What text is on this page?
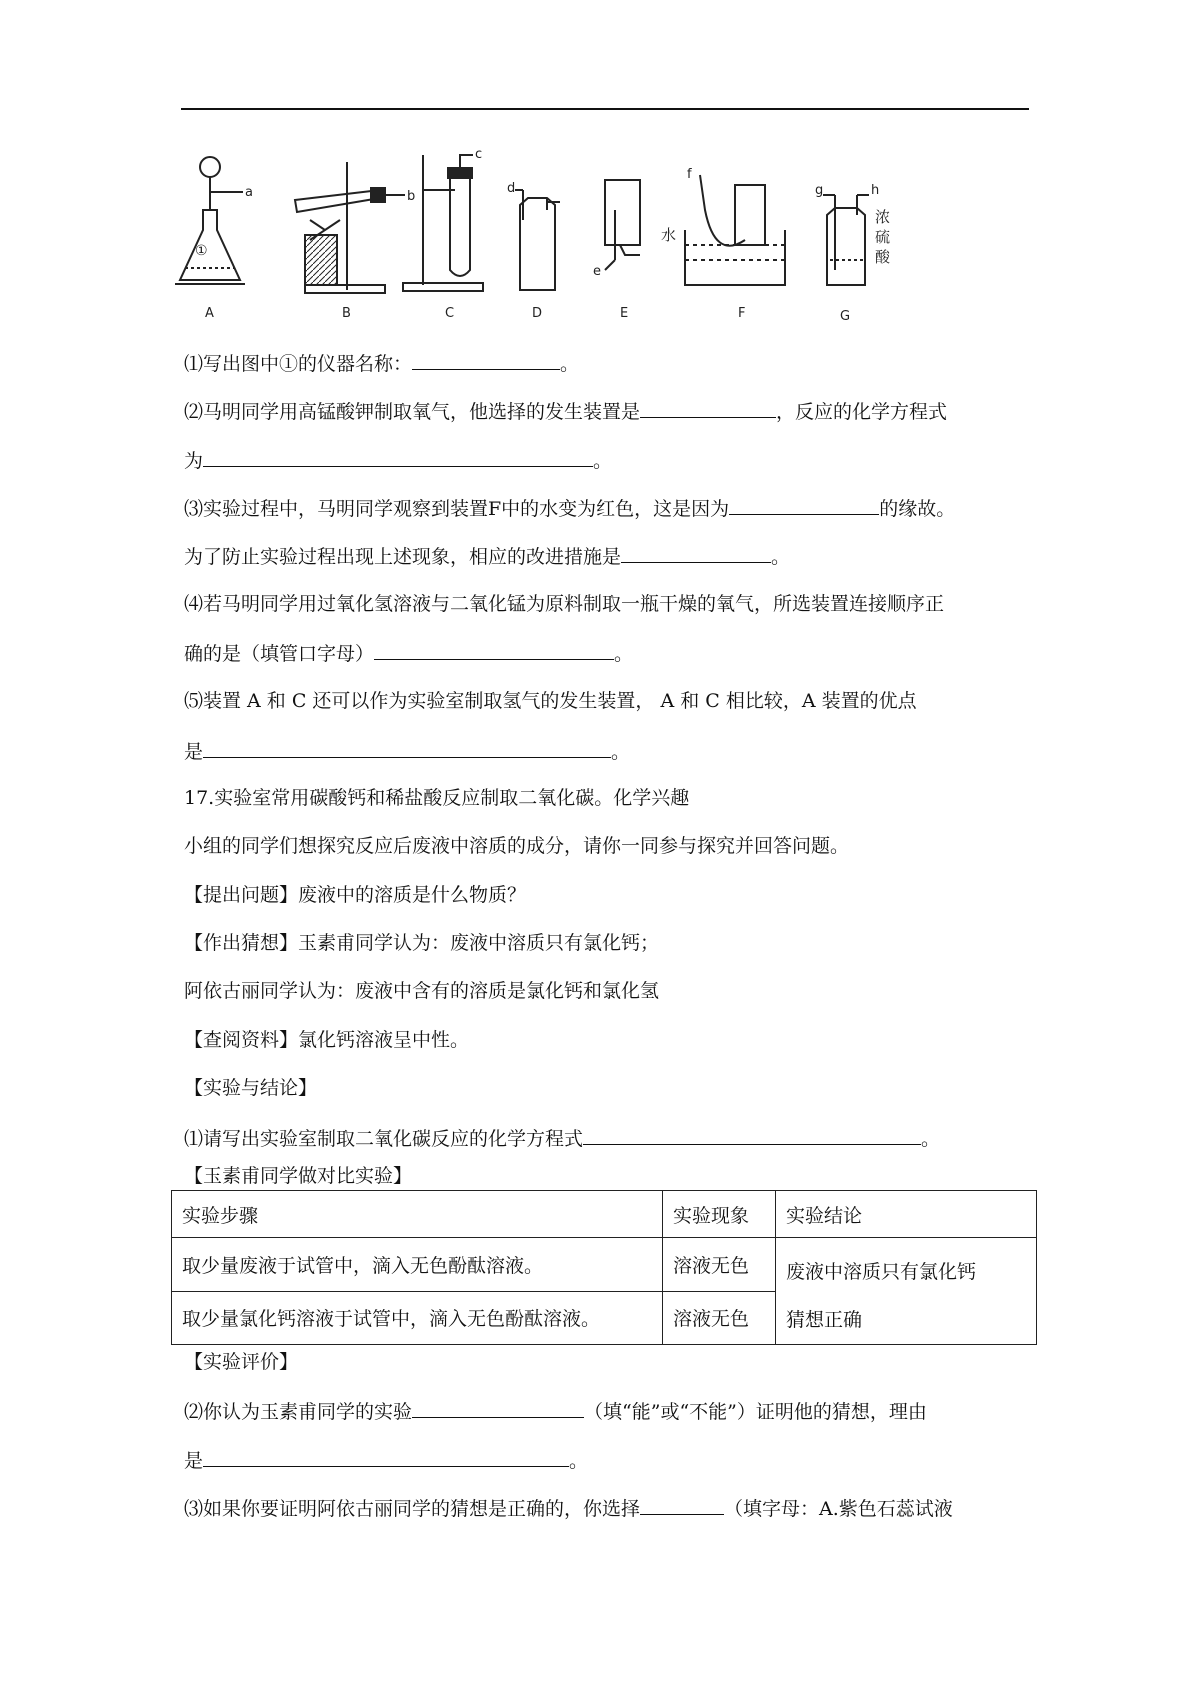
①
a	b
c
d
e
f
水
g	h
浓
硫
酸
A	B	C	D	E	F	G
⑴写出图中①的仪器名称：	。
⑵马明同学用高锰酸钾制取氧气，他选择的发生装置是	，反应的化学方程式
为	。
⑶实验过程中，马明同学观察到装置F中的水变为红色，这是因为	的缘故。
为了防止实验过程出现上述现象，相应的改进措施是	。
⑷若马明同学用过氧化氢溶液与二氧化锰为原料制取一瓶干燥的氧气，所选装置连接顺序正
确的是（填管口字母）	。
⑸装置 A 和 C 还可以作为实验室制取氢气的发生装置， A 和 C 相比较，A 装置的优点
是	。
17.实验室常用碳酸钙和稀盐酸反应制取二氧化碳。化学兴趣
小组的同学们想探究反应后废液中溶质的成分，请你一同参与探究并回答问题。
【提出问题】废液中的溶质是什么物质？
【作出猜想】玉素甫同学认为：废液中溶质只有氯化钙；
阿依古丽同学认为：废液中含有的溶质是氯化钙和氯化氢
【查阅资料】氯化钙溶液呈中性。
【实验与结论】
⑴请写出实验室制取二氧化碳反应的化学方程式	。
【玉素甫同学做对比实验】
实验步骤	实验现象	实验结论
取少量废液于试管中，滴入无色酚酞溶液。	溶液无色	废液中溶质只有氯化钙
猜想正确

取少量氯化钙溶液于试管中，滴入无色酚酞溶液。	溶液无色	
【实验评价】
⑵你认为玉素甫同学的实验	（填“能”或“不能”）证明他的猜想，理由
是	。
⑶如果你要证明阿依古丽同学的猜想是正确的，你选择	（填字母：A.紫色石蕊试液
